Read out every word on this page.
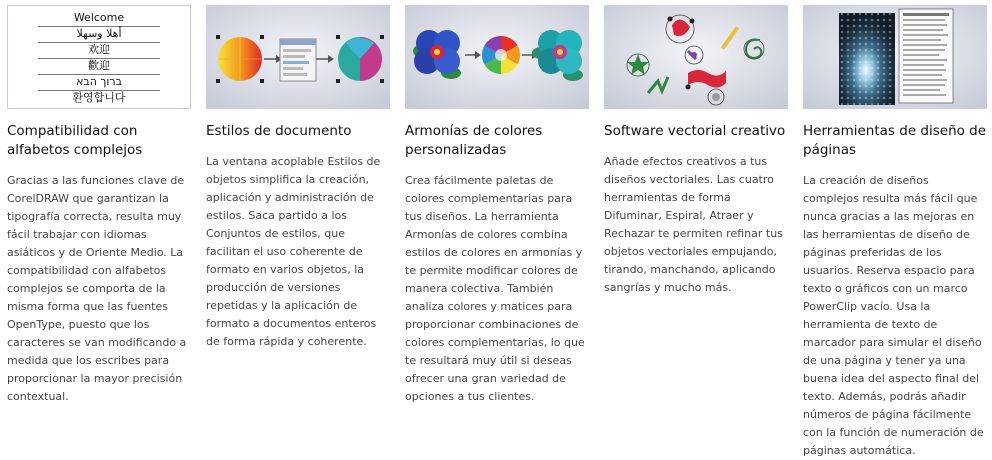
Welcome
أهلا وسهلا
欢迎
歡迎
ברוך הבא
환영합니다
Compatibilidad con alfabetos complejos
Gracias a las funciones clave de CorelDRAW que garantizan la tipografía correcta, resulta muy fácil trabajar con idiomas asiáticos y de Oriente Medio. La compatibilidad con alfabetos complejos se comporta de la misma forma que las fuentes OpenType, puesto que los caracteres se van modificando a medida que los escribes para proporcionar la mayor precisión contextual.
Estilos de documento
La ventana acoplable Estilos de objetos simplifica la creación, aplicación y administración de estilos. Saca partido a los Conjuntos de estilos, que facilitan el uso coherente de formato en varios objetos, la producción de versiones repetidas y la aplicación de formato a documentos enteros de forma rápida y coherente.
Armonías de colores personalizadas
Crea fácilmente paletas de colores complementarias para tus diseños. La herramienta Armonías de colores combina estilos de colores en armonías y te permite modificar colores de manera colectiva. También analiza colores y matices para proporcionar combinaciones de colores complementarias, lo que te resultará muy útil si deseas ofrecer una gran variedad de opciones a tus clientes.
Software vectorial creativo
Añade efectos creativos a tus diseños vectoriales. Las cuatro herramientas de forma Difuminar, Espiral, Atraer y Rechazar te permiten refinar tus objetos vectoriales empujando, tirando, manchando, aplicando sangrías y mucho más.
Herramientas de diseño de páginas
La creación de diseños complejos resulta más fácil que nunca gracias a las mejoras en las herramientas de diseño de páginas preferidas de los usuarios. Reserva espacio para texto o gráficos con un marco PowerClip vacío. Usa la herramienta de texto de marcador para simular el diseño de una página y tener ya una buena idea del aspecto final del texto. Además, podrás añadir números de página fácilmente con la función de numeración de páginas automática.
